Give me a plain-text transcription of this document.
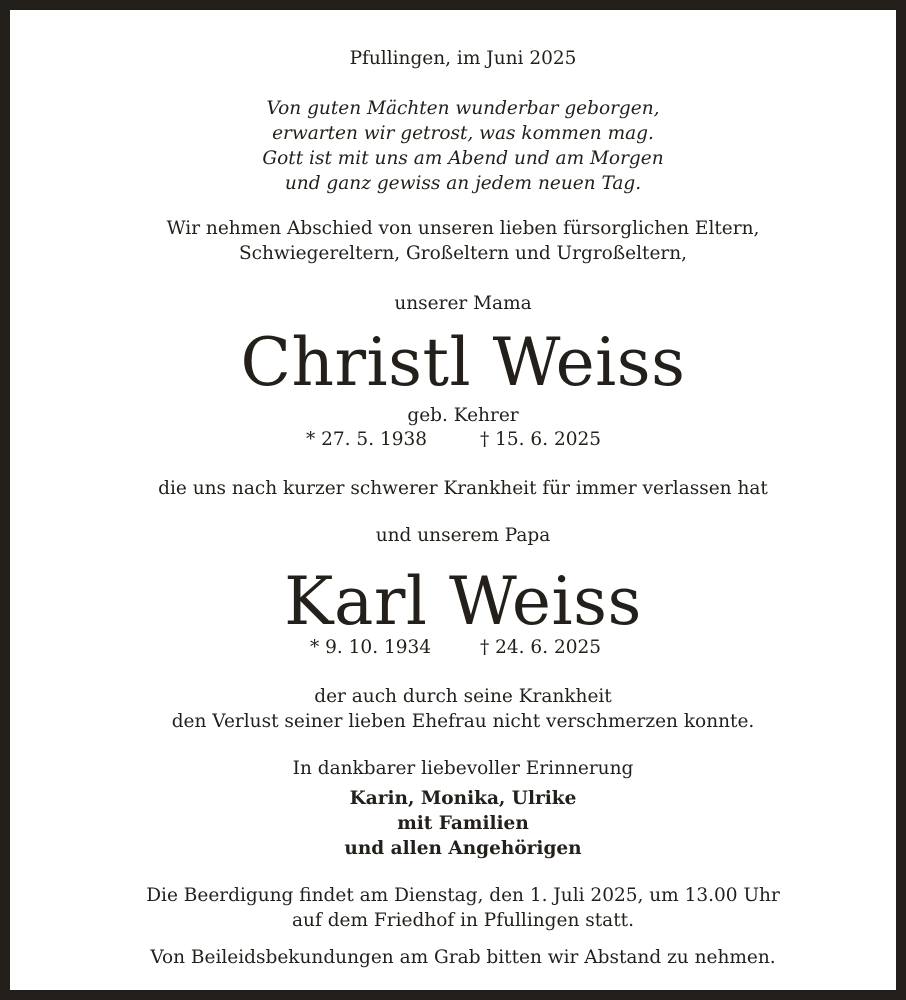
Pfullingen, im Juni 2025
Von guten Mächten wunderbar geborgen,
erwarten wir getrost, was kommen mag.
Gott ist mit uns am Abend und am Morgen
und ganz gewiss an jedem neuen Tag.
Wir nehmen Abschied von unseren lieben fürsorglichen Eltern,
Schwiegereltern, Großeltern und Urgroßeltern,
unserer Mama
Christl Weiss
geb. Kehrer
* 27. 5. 1938	† 15. 6. 2025
die uns nach kurzer schwerer Krankheit für immer verlassen hat
und unserem Papa
Karl Weiss
* 9. 10. 1934	† 24. 6. 2025
der auch durch seine Krankheit
den Verlust seiner lieben Ehefrau nicht verschmerzen konnte.
In dankbarer liebevoller Erinnerung
Karin, Monika, Ulrike
mit Familien
und allen Angehörigen
Die Beerdigung findet am Dienstag, den 1. Juli 2025, um 13.00 Uhr
auf dem Friedhof in Pfullingen statt.
Von Beileidsbekundungen am Grab bitten wir Abstand zu nehmen.
